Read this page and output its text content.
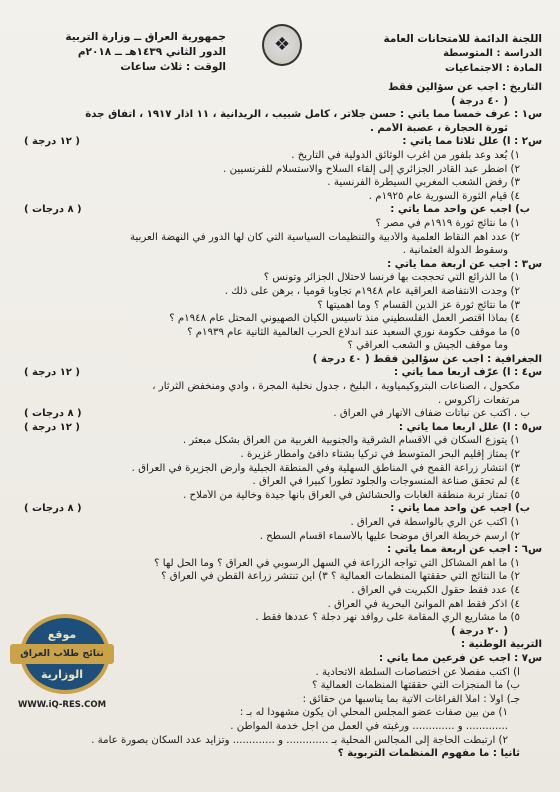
اللجنة الدائمة للامتحانات العامة
الدراسة : المتوسطة
المادة : الاجتماعيات
❖
جمهورية العراق ــ وزارة التربية
الدور الثاني ١٤٣٩هـ ــ ٢٠١٨م
الوقت : ثلاث ساعات
التاريخ : أجب عن سؤالين فقط
( ٤٠ درجة )
س١ : عرف خمساً مما يأتي : حسن جلاتر ، كامل شبيب ، الريدانية ، ١١ آذار ١٩١٧ ، اتفاق جدة
ثورة الحجارة ، عصبة الأمم .
س٢ : أ) علل ثلاثاً مما يأتي :
( ١٢ درجة )
١) يُعد وعد بلفور من أغرب الوثائق الدولية في التأريخ .
٢) اضطر عبد القادر الجزائري إلى إلقاء السلاح والاستسلام للفرنسيين .
٣) رفض الشعب المغربي السيطرة الفرنسية .
٤) قيام الثورة السورية عام ١٩٢٥م .
ب) أجب عن واحد مما يأتي :
( ٨ درجات )
١) ما نتائج ثورة ١٩١٩م في مصر ؟
٢) عدد أهم النقاط العلمية والأدبية والتنظيمات السياسية التي كان لها الدور في النهضة العربية
وسقوط الدولة العثمانية .
س٣ : أجب عن أربعة مما يأتي :
١) ما الذرائع التي تحججت بها فرنسا لاحتلال الجزائر وتونس ؟
٢) وجدت الانتفاضة العراقية عام ١٩٤٨م تجاوباً قومياً ، برهن على ذلك .
٣) ما نتائج ثورة عز الدين القسام ؟ وما أهميتها ؟
٤) بماذا اقتصر العمل الفلسطيني منذ تأسيس الكيان الصهيوني المحتل عام ١٩٤٨م ؟
٥) ما موقف حكومة نوري السعيد عند اندلاع الحرب العالمية الثانية عام ١٩٣٩م ؟
وما موقف الجيش و الشعب العراقي ؟
الجغرافية : أجب عن سؤالين فقط ( ٤٠ درجة )
س٤ : أ) عرّف أربعاً مما يأتي :
( ١٢ درجة )
مكحول ، الصناعات البتروكيمياوية ، البليخ ، جدول نخلية المجرة ، وادي ومنخفض الثرثار ،
مرتفعات زاكروس .
ب . اكتب عن نباتات ضفاف الأنهار في العراق .
( ٨ درجات )
س٥ : أ) علل أربعاً مما يأتي :
( ١٢ درجة )
١) يتوزع السكان في الأقسام الشرقية والجنوبية الغربية من العراق بشكل مبعثر .
٢) يمتاز إقليم البحر المتوسط في تركيا بشتاء دافئ وأمطار غزيرة .
٣) انتشار زراعة القمح في المناطق السهلية وفي المنطقة الجبلية وأرض الجزيرة في العراق .
٤) لم تحقق صناعة المنسوجات والجلود تطوراً كبيراً في العراق .
٥) تمتاز تربة منطقة الغابات والحشائش في العراق بأنها جيدة وخالية من الأملاح .
ب) أجب عن واحد مما يأتي :
( ٨ درجات )
١) اكتب عن الري بالواسطة في العراق .
٢) ارسم خريطة العراق موضحاً عليها بالأسماء أقسام السطح .
س٦ : أجب عن أربعة مما يأتي :
١) ما أهم المشاكل التي تواجه الزراعة في السهل الرسوبي في العراق ؟ وما الحل لها ؟
٢) ما النتائج التي حققتها المنظمات العمالية ؟ ٣) أين تنتشر زراعة القطن في العراق ؟
٤) عدد فقط حقول الكبريت في العراق .
٤) اذكر فقط أهم الموانئ البحرية في العراق .
٥) ما مشاريع الري المقامة على روافد نهر دجلة ؟ عددها فقط .
( ٢٠ درجة )
التربية الوطنية :
س٧ : أجب عن فرعين مما يأتي :
أ) اكتب مفصلاً عن اختصاصات السلطة الاتحادية .
ب) ما المنجزات التي حققتها المنظمات العمالية ؟
جـ) أولاً : املأ الفراغات الآتية بما يناسبها من حقائق :
١) من بين صفات عضو المجلس المحلي أن يكون مشهوداً له بـ :
............. و ............. ورغبته في العمل من أجل خدمة المواطن .
٢) ارتبطت الحاجة إلى المجالس المحلية بـ ............. و ............. وتزايد عدد السكان بصورة عامة .
ثانياً : ما مفهوم المنظمات التربوية ؟
موقع
نتائج طلاب العراق
الوزارية
WWW.iQ-RES.COM
